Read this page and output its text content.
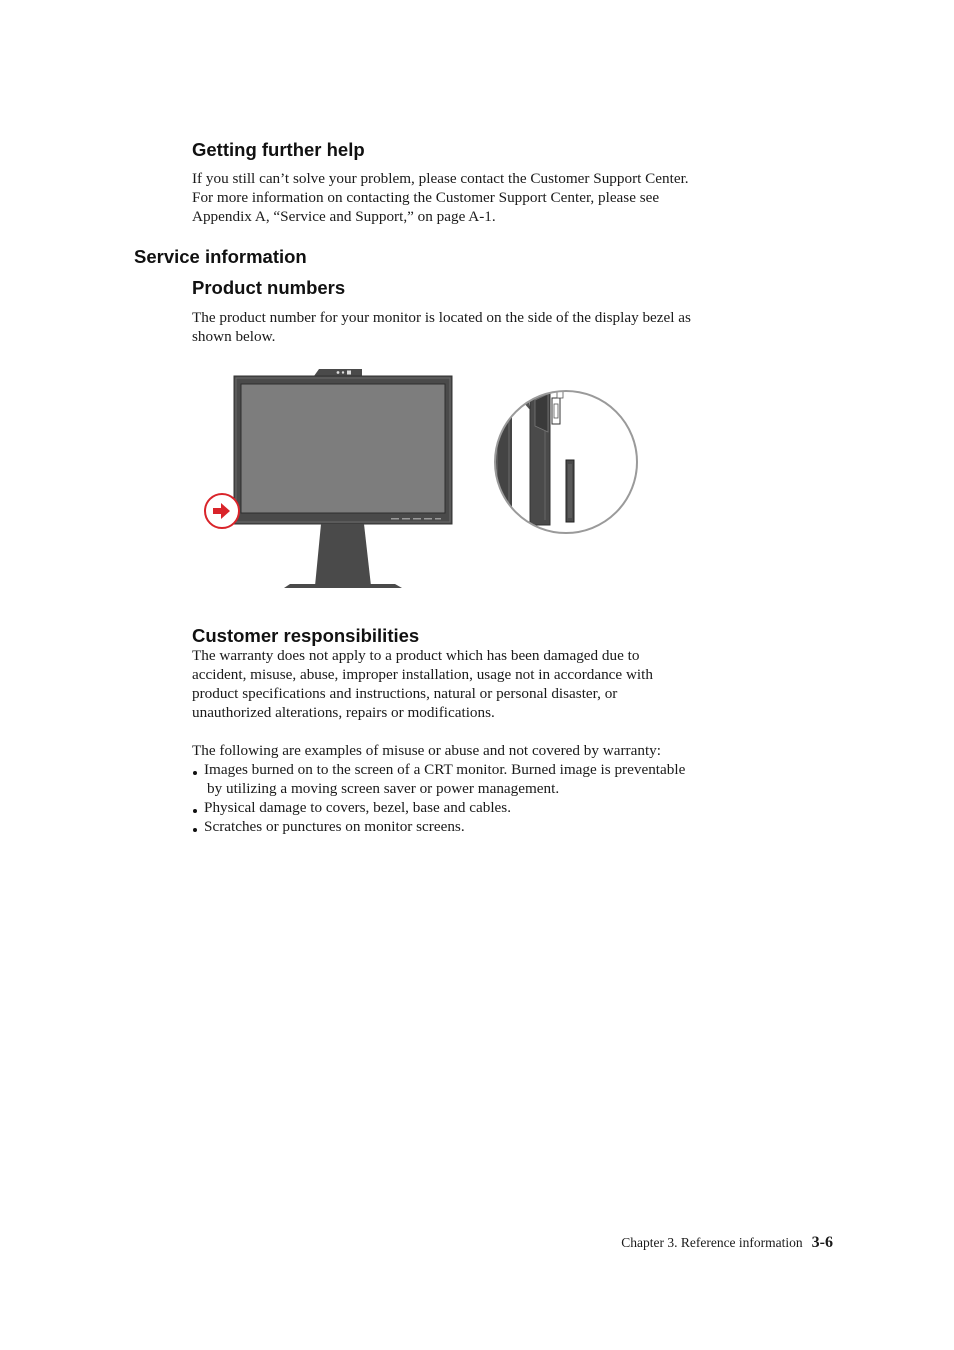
Getting further help

If you still can’t solve your problem, please contact the Customer Support Center.
For more information on contacting the Customer Support Center, please see
Appendix A, “Service and Support,” on page A-1.

Service information
Product numbers

The product number for your monitor is located on the side of the display bezel as
shown below.

Customer responsibilities

The warranty does not apply to a product which has been damaged due to
accident, misuse, abuse, improper installation, usage not in accordance with
product specifications and instructions, natural or personal disaster, or
unauthorized alterations, repairs or modifications.

The following are examples of misuse or abuse and not covered by warranty:

Images burned on to the screen of a CRT monitor. Burned image is preventable
by utilizing a moving screen saver or power management.
Physical damage to covers, bezel, base and cables.
Scratches or punctures on monitor screens.
Chapter 3. Reference information 3-6
